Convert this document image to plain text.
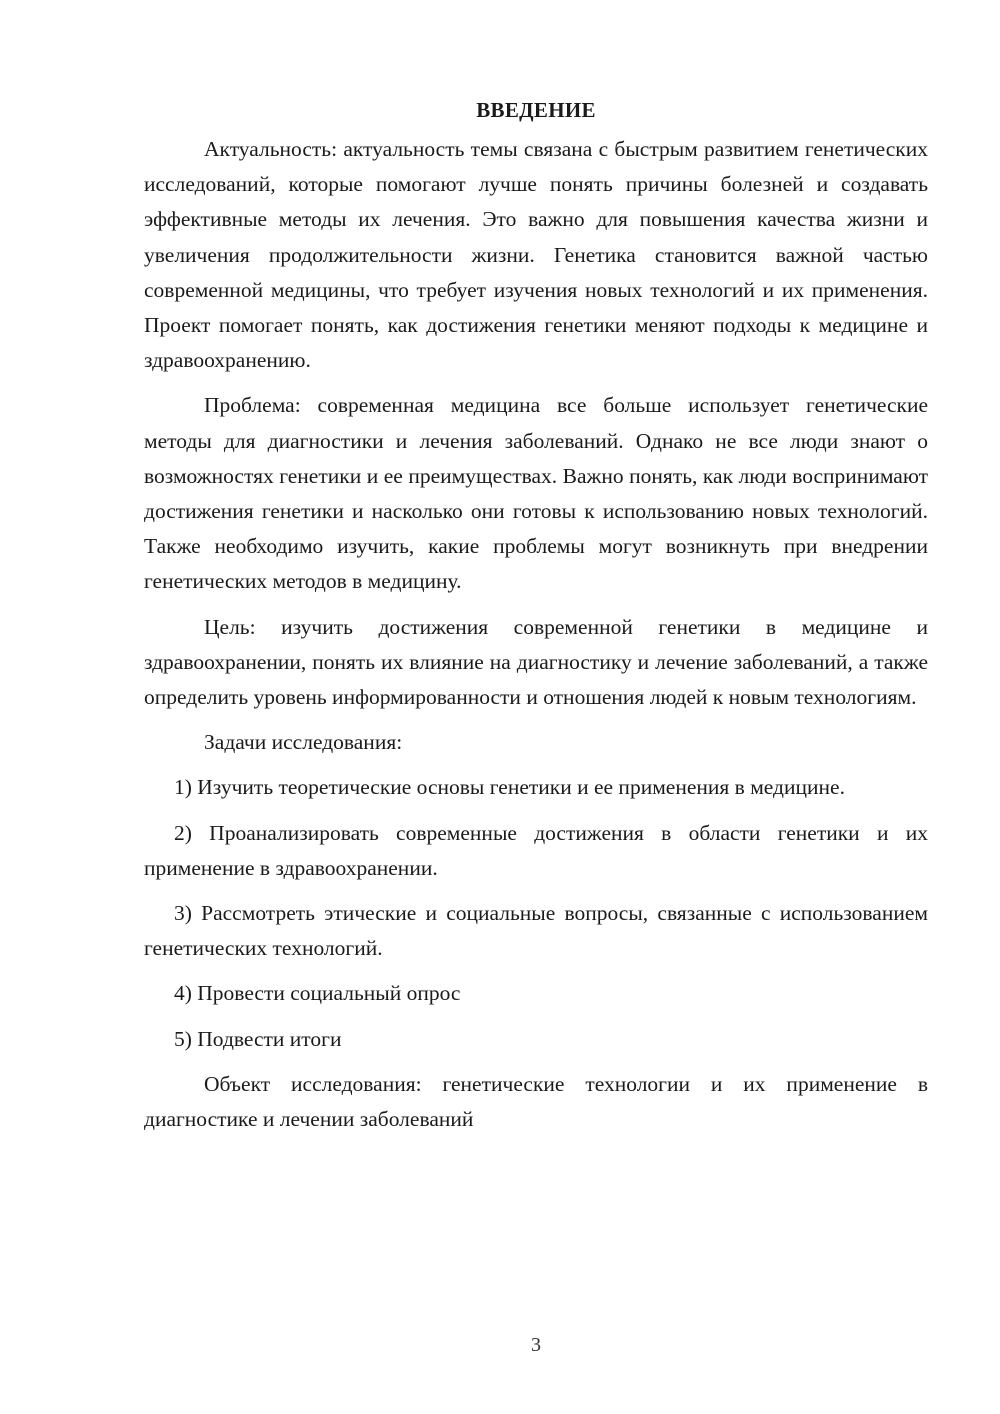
ВВЕДЕНИЕ

Актуальность: актуальность темы связана с быстрым развитием генетических исследований, которые помогают лучше понять причины болезней и создавать эффективные методы их лечения. Это важно для повышения качества жизни и увеличения продолжительности жизни. Генетика становится важной частью современной медицины, что требует изучения новых технологий и их применения. Проект помогает понять, как достижения генетики меняют подходы к медицине и здравоохранению.

Проблема: современная медицина все больше использует генетические методы для диагностики и лечения заболеваний. Однако не все люди знают о возможностях генетики и ее преимуществах. Важно понять, как люди воспринимают достижения генетики и насколько они готовы к использованию новых технологий. Также необходимо изучить, какие проблемы могут возникнуть при внедрении генетических методов в медицину.

Цель: изучить достижения современной генетики в медицине и здравоохранении, понять их влияние на диагностику и лечение заболеваний, а также определить уровень информированности и отношения людей к новым технологиям.

Задачи исследования:

1) Изучить теоретические основы генетики и ее применения в медицине.

2) Проанализировать современные достижения в области генетики и их применение в здравоохранении.

3) Рассмотреть этические и социальные вопросы, связанные с использованием генетических технологий.

4) Провести социальный опрос

5) Подвести итоги

Объект исследования: генетические технологии и их применение в диагностике и лечении заболеваний

3
